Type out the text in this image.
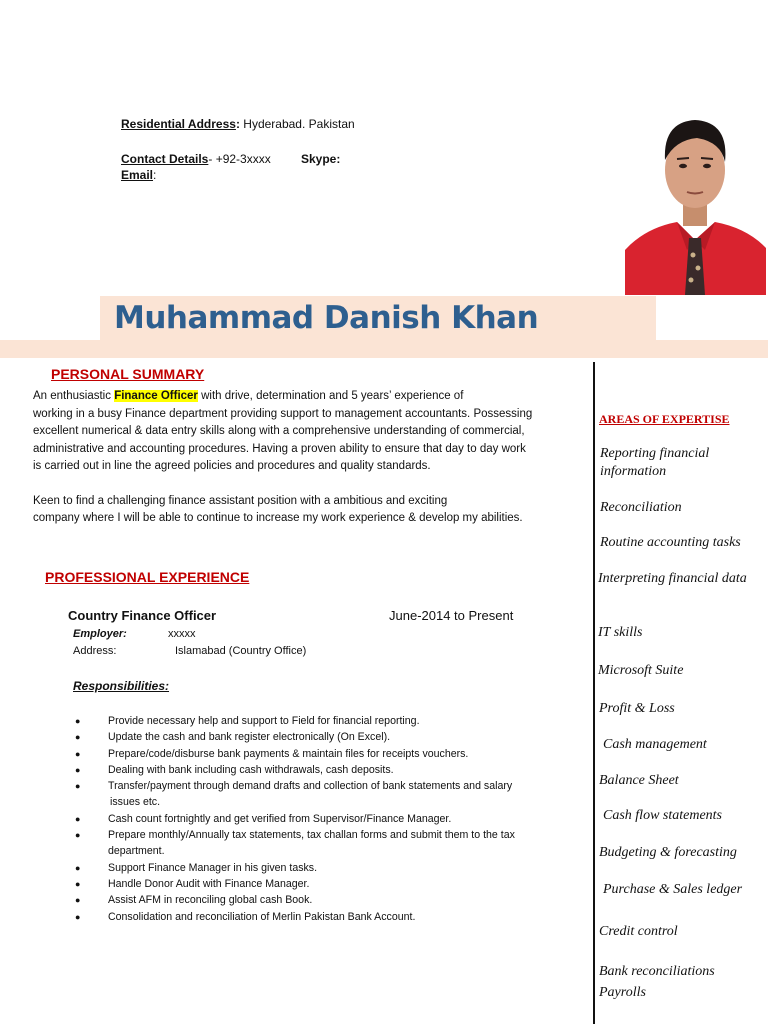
Residential Address: Hyderabad. Pakistan
Contact Details- +92-3xxxx	Skype:
Email:
Muhammad Danish Khan
PERSONAL SUMMARY
An enthusiastic Finance Officer with drive, determination and 5 years’ experience of
working in a busy Finance department providing support to management accountants. Possessing
excellent numerical & data entry skills along with a comprehensive understanding of commercial,
administrative and accounting procedures. Having a proven ability to ensure that day to day work
is carried out in line the agreed policies and procedures and quality standards.
Keen to find a challenging finance assistant position with a ambitious and exciting
company where I will be able to continue to increase my work experience & develop my abilities.
PROFESSIONAL EXPERIENCE
Country Finance Officer	June-2014 to Present
Employer:	xxxxx
Address:	Islamabad (Country Office)
Responsibilities:
●	Provide necessary help and support to Field for financial reporting.
●	Update the cash and bank register electronically (On Excel).
●	Prepare/code/disburse bank payments & maintain files for receipts vouchers.
●	Dealing with bank including cash withdrawals, cash deposits.
●	Transfer/payment through demand drafts and collection of bank statements and salary
issues etc.
●	Cash count fortnightly and get verified from Supervisor/Finance Manager.
●	Prepare monthly/Annually tax statements, tax challan forms and submit them to the tax
department.
●	Support Finance Manager in his given tasks.
●	Handle Donor Audit with Finance Manager.
●	Assist AFM in reconciling global cash Book.
●	Consolidation and reconciliation of Merlin Pakistan Bank Account.
AREAS OF EXPERTISE
Reporting financial information
Reconciliation
Routine accounting tasks
Interpreting financial data
IT skills
Microsoft Suite
Profit & Loss
Cash management
Balance Sheet
Cash flow statements
Budgeting & forecasting
Purchase & Sales ledger
Credit control
Bank reconciliations
Payrolls
